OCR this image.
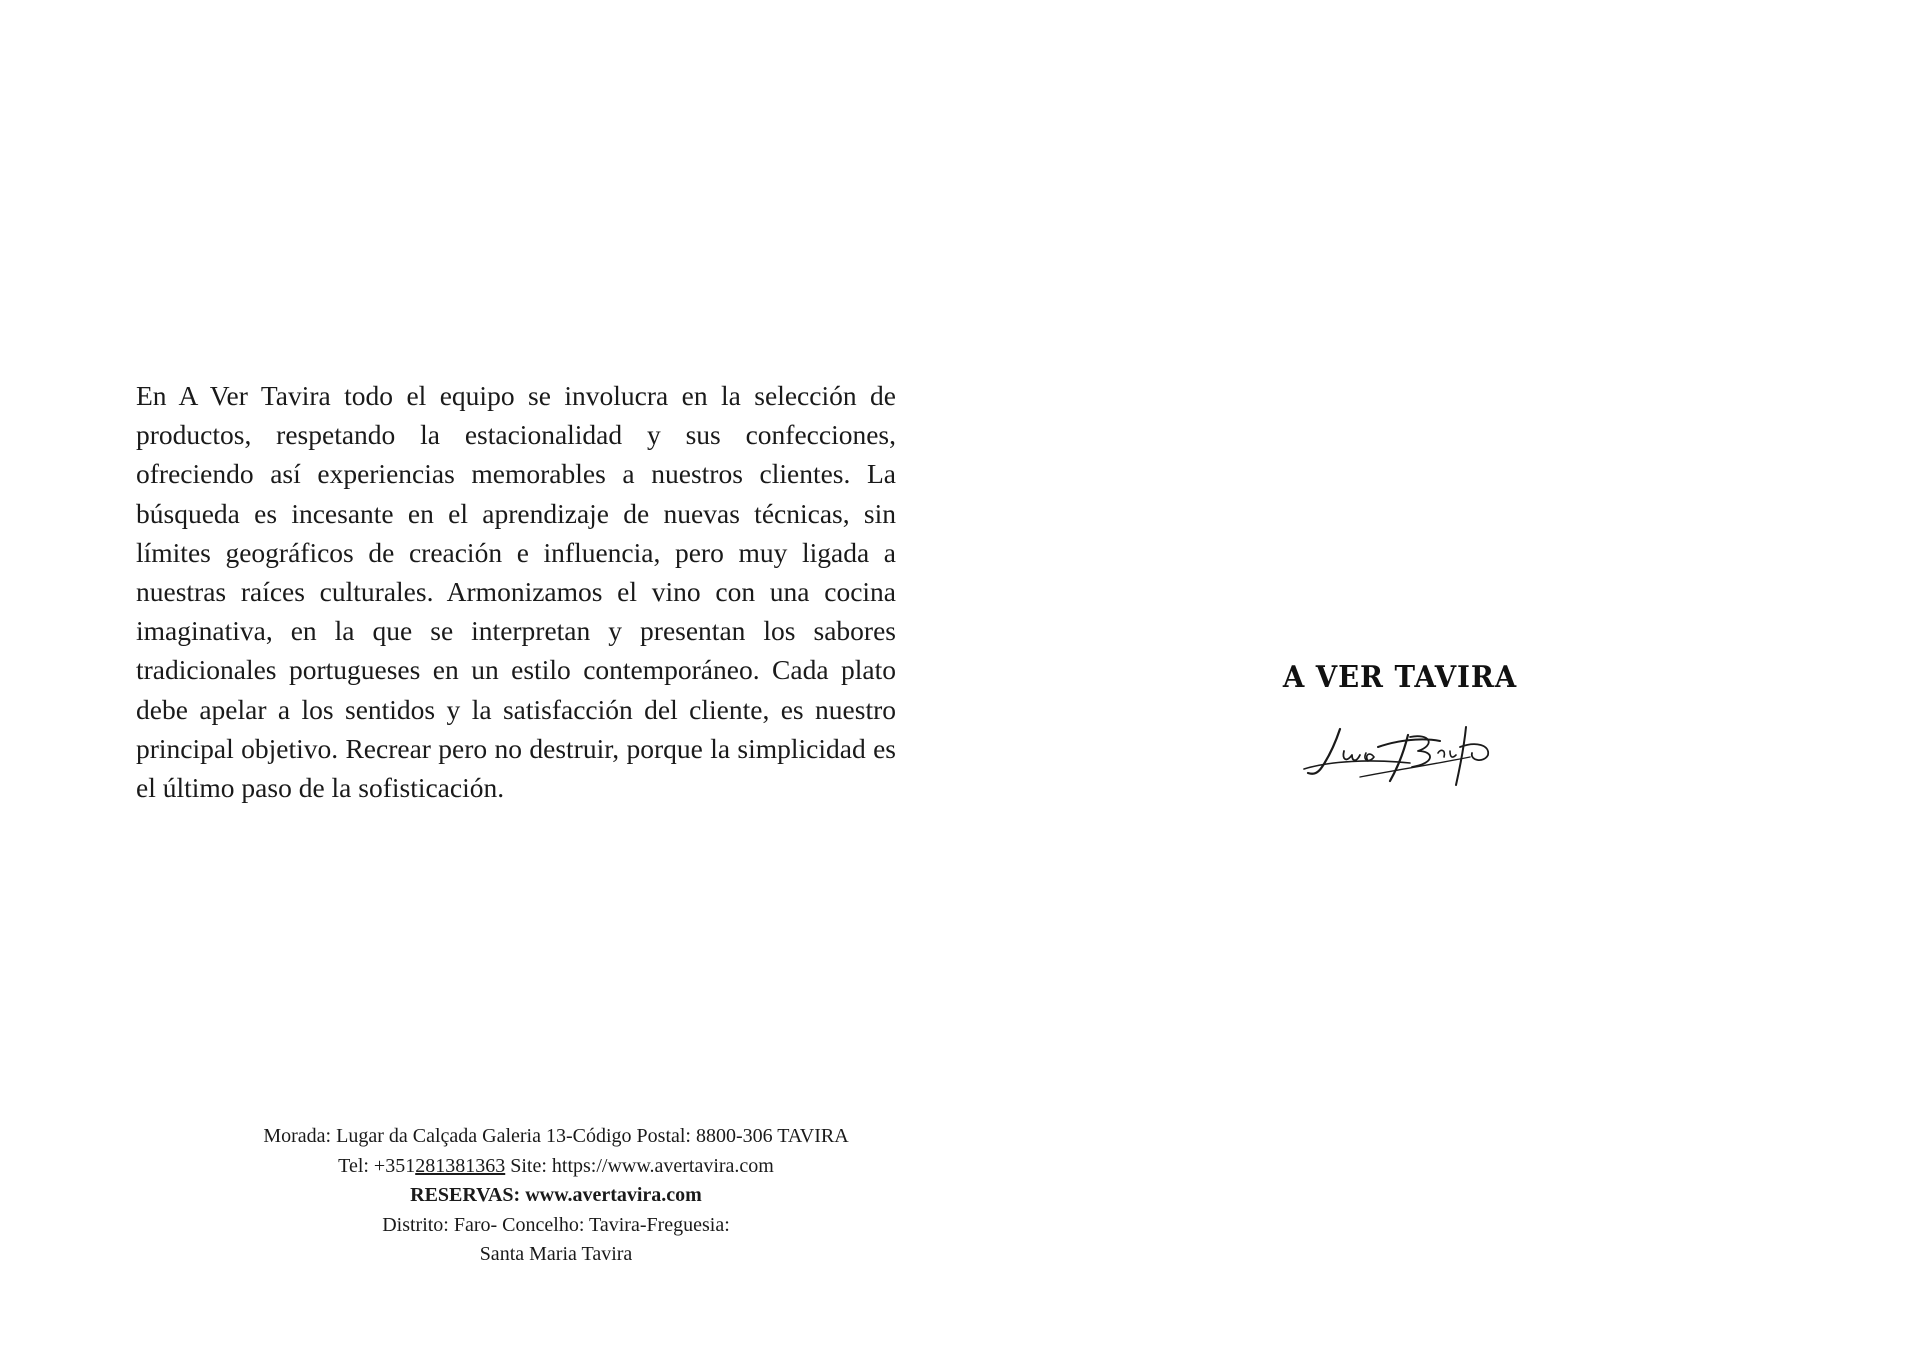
En A Ver Tavira todo el equipo se involucra en la selección de productos, respetando la estacionalidad y sus confecciones, ofreciendo así experiencias memorables a nuestros clientes. La búsqueda es incesante en el aprendizaje de nuevas técnicas, sin límites geográficos de creación e influencia, pero muy ligada a nuestras raíces culturales. Armonizamos el vino con una cocina imaginativa, en la que se interpretan y presentan los sabores tradicionales portugueses en un estilo contemporáneo. Cada plato debe apelar a los sentidos y la satisfacción del cliente, es nuestro principal objetivo. Recrear pero no destruir, porque la simplicidad es el último paso de la sofisticación.

A VER TAVIRA

Morada: Lugar da Calçada Galeria 13-Código Postal: 8800-306 TAVIRA

Tel: +351281381363 Site: https://www.avertavira.com

RESERVAS: www.avertavira.com

Distrito: Faro- Concelho: Tavira-Freguesia:

Santa Maria Tavira
